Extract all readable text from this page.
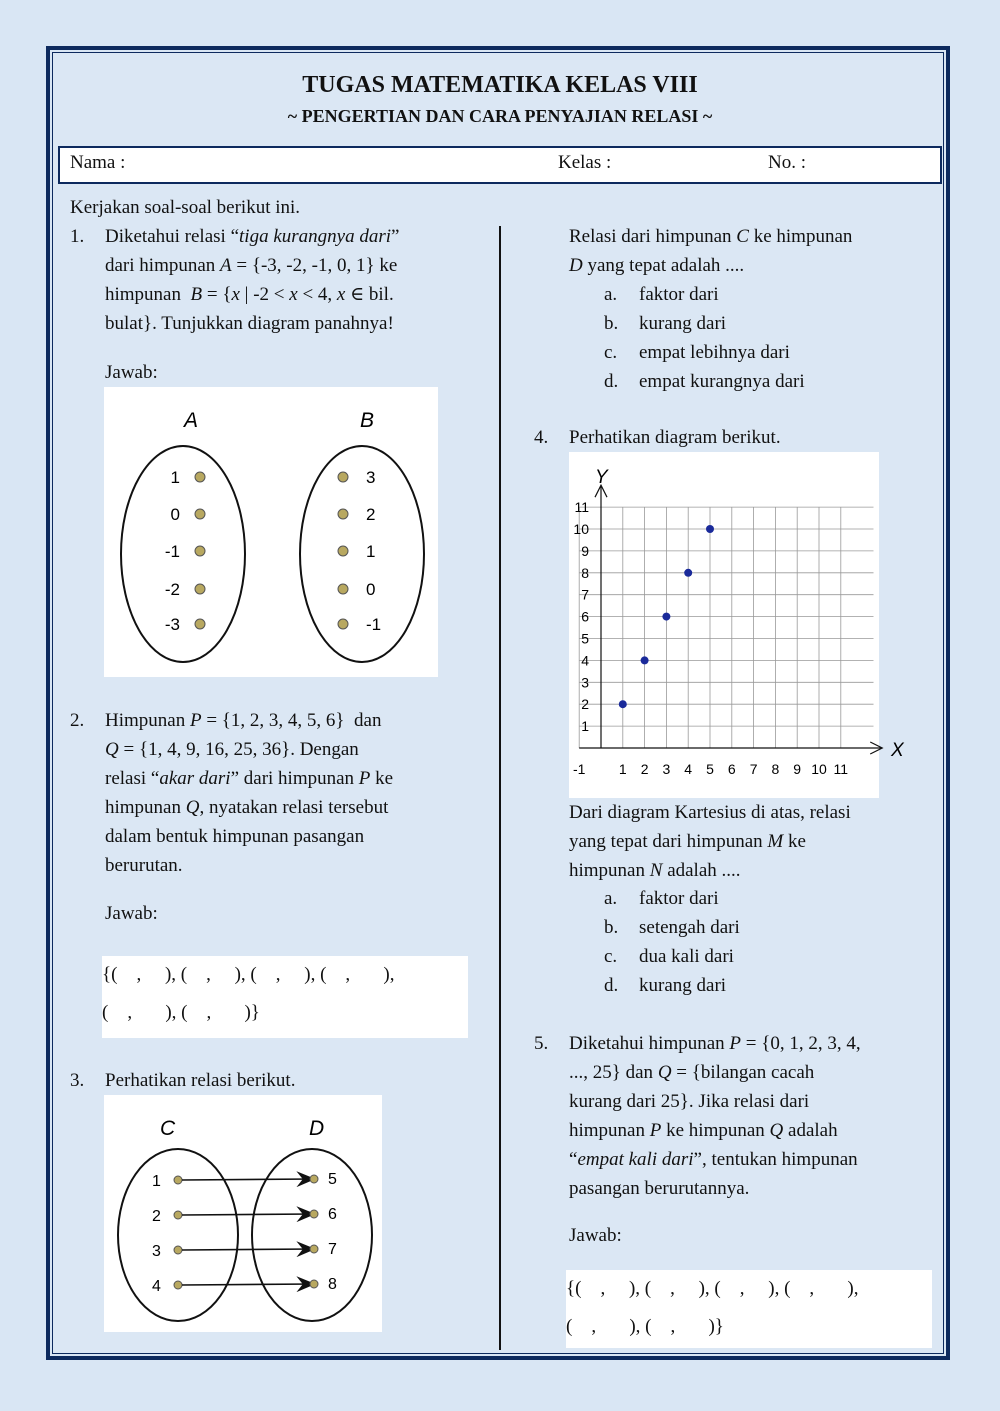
TUGAS MATEMATIKA KELAS VIII
~ PENGERTIAN DAN CARA PENYAJIAN RELASI ~
Nama :	Kelas :	No. :
Kerjakan soal-soal berikut ini.
1. Diketahui relasi “tiga kurangnya dari”
dari himpunan A = {-3, -2, -1, 0, 1} ke
himpunan  B = {x | -2 < x < 4, x ∈ bil.
bulat}. Tunjukkan diagram panahnya!
Jawab:
A	B
1
0
-1
-2
-3
3
2
1
0
-1
2. Himpunan P = {1, 2, 3, 4, 5, 6}  dan
Q = {1, 4, 9, 16, 25, 36}. Dengan
relasi “akar dari” dari himpunan P ke
himpunan Q, nyatakan relasi tersebut
dalam bentuk himpunan pasangan
berurutan.
Jawab:
{(    ,     ), (    ,     ), (    ,     ), (    ,       ),
(    ,       ), (    ,       )}
3. Perhatikan relasi berikut.
C	D
1
2
3
4
5
6
7
8
Relasi dari himpunan C ke himpunan
D yang tepat adalah ....
a. faktor dari
b. kurang dari
c. empat lebihnya dari
d. empat kurangnya dari
4. Perhatikan diagram berikut.
X
Y
-1 1 2 3 4 5 6 7 8 9 10 11
1
2
3
4
5
6
7
8
9
10
11
Dari diagram Kartesius di atas, relasi
yang tepat dari himpunan M ke
himpunan N adalah ....
a. faktor dari
b. setengah dari
c. dua kali dari
d. kurang dari
5. Diketahui himpunan P = {0, 1, 2, 3, 4,
..., 25} dan Q = {bilangan cacah
kurang dari 25}. Jika relasi dari
himpunan P ke himpunan Q adalah
“empat kali dari”, tentukan himpunan
pasangan berurutannya.
Jawab:
{(    ,     ), (    ,     ), (    ,     ), (    ,       ),
(    ,       ), (    ,       )}
